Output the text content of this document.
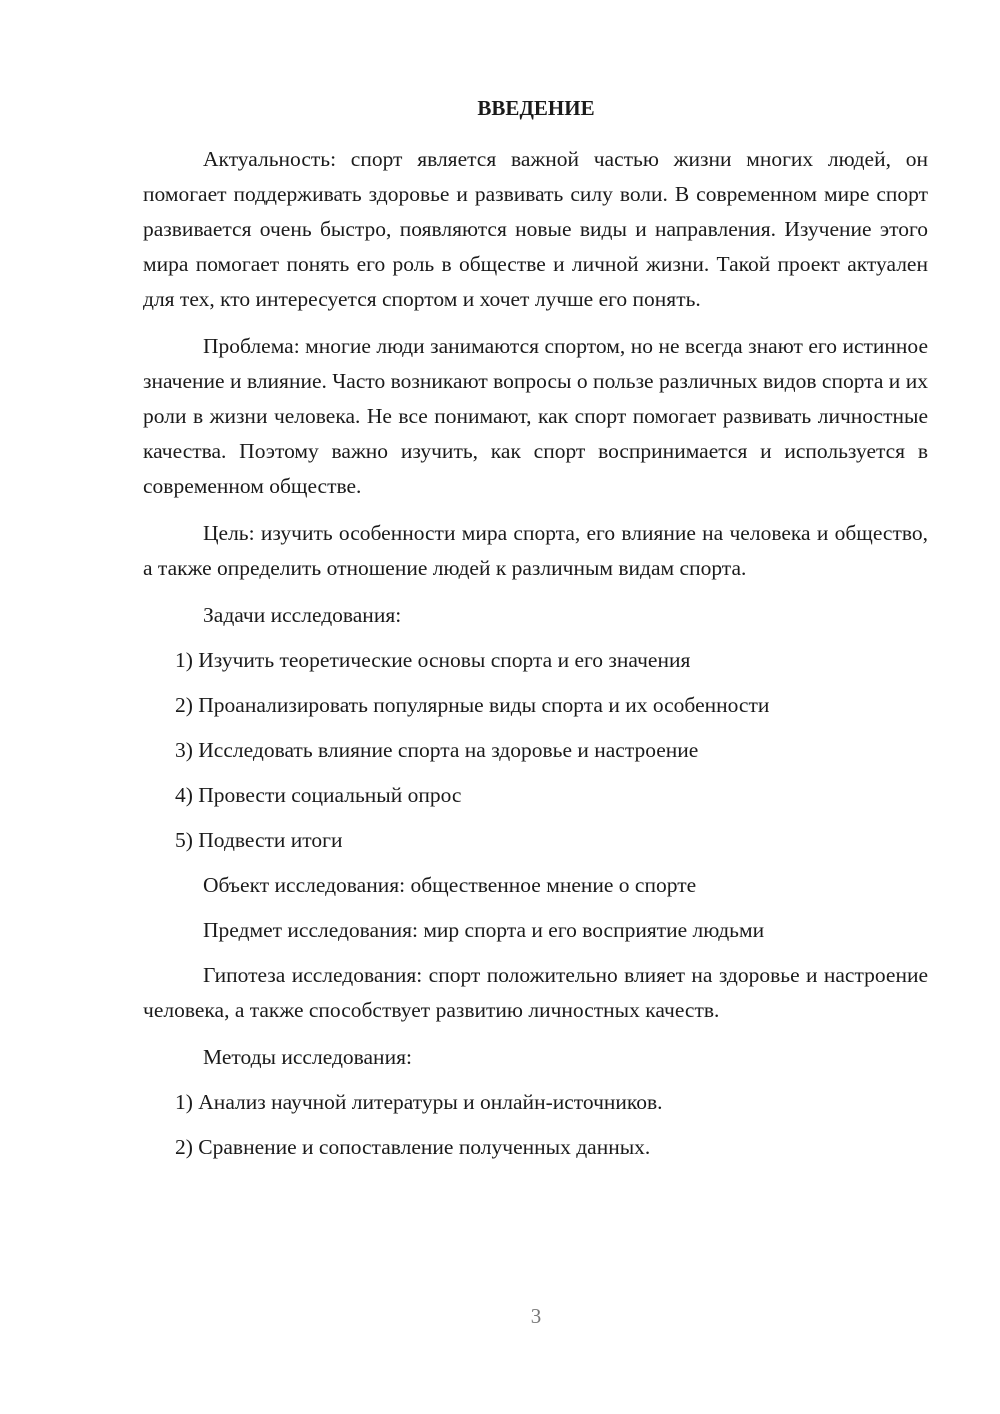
ВВЕДЕНИЕ

Актуальность: спорт является важной частью жизни многих людей, он помогает поддерживать здоровье и развивать силу воли. В современном мире спорт развивается очень быстро, появляются новые виды и направления. Изучение этого мира помогает понять его роль в обществе и личной жизни. Такой проект актуален для тех, кто интересуется спортом и хочет лучше его понять.

Проблема: многие люди занимаются спортом, но не всегда знают его истинное значение и влияние. Часто возникают вопросы о пользе различных видов спорта и их роли в жизни человека. Не все понимают, как спорт помогает развивать личностные качества. Поэтому важно изучить, как спорт воспринимается и используется в современном обществе.

Цель: изучить особенности мира спорта, его влияние на человека и общество, а также определить отношение людей к различным видам спорта.

Задачи исследования:
1) Изучить теоретические основы спорта и его значения
2) Проанализировать популярные виды спорта и их особенности
3) Исследовать влияние спорта на здоровье и настроение
4) Провести социальный опрос
5) Подвести итоги
Объект исследования: общественное мнение о спорте
Предмет исследования: мир спорта и его восприятие людьми

Гипотеза исследования: спорт положительно влияет на здоровье и настроение человека, а также способствует развитию личностных качеств.

Методы исследования:
1) Анализ научной литературы и онлайн-источников.
2) Сравнение и сопоставление полученных данных.
3
